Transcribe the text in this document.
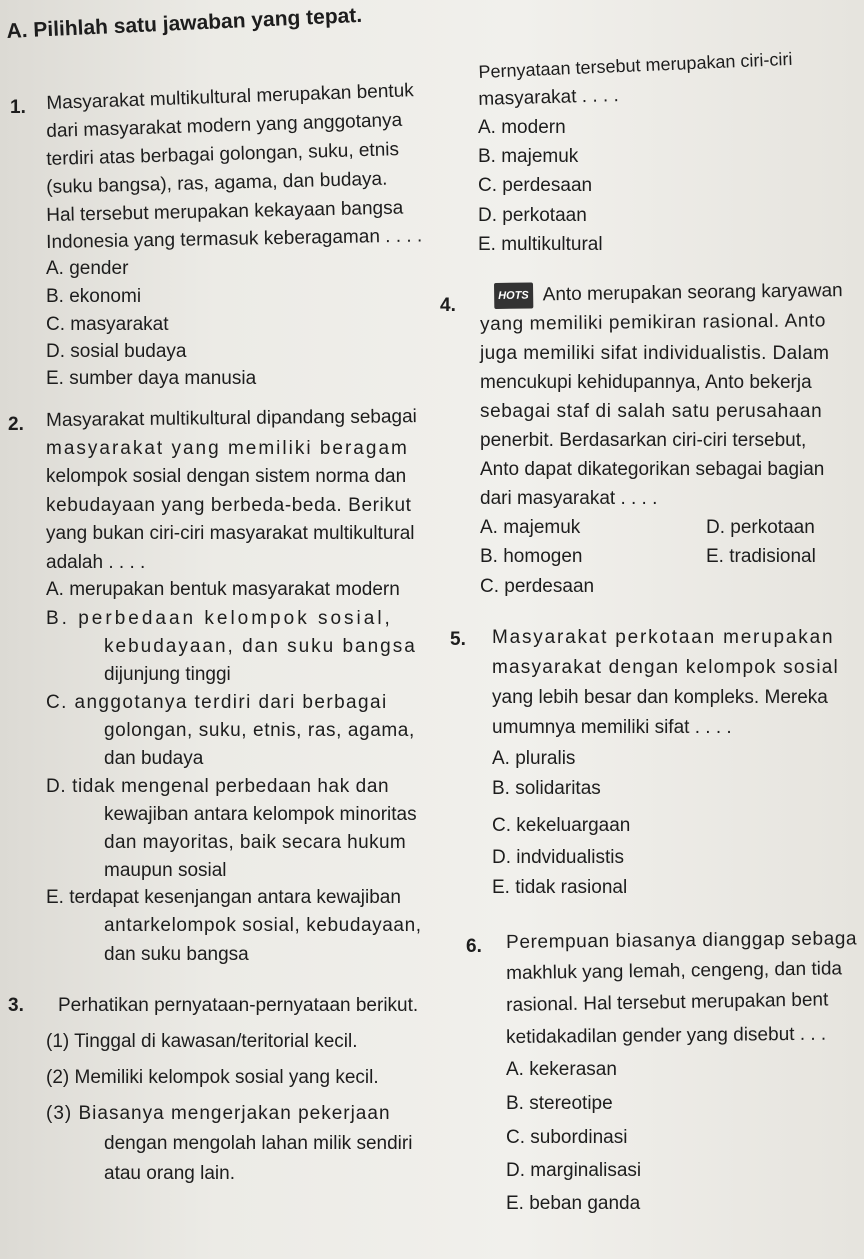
A. Pilihlah satu jawaban yang tepat.
1. Masyarakat multikultural merupakan bentuk
dari masyarakat modern yang anggotanya
terdiri atas berbagai golongan, suku, etnis
(suku bangsa), ras, agama, dan budaya.
Hal tersebut merupakan kekayaan bangsa
Indonesia yang termasuk keberagaman . . . .
A. gender
B. ekonomi
C. masyarakat
D. sosial budaya
E. sumber daya manusia
2. Masyarakat multikultural dipandang sebagai
masyarakat yang memiliki beragam
kelompok sosial dengan sistem norma dan
kebudayaan yang berbeda-beda. Berikut
yang bukan ciri-ciri masyarakat multikultural
adalah . . . .
A. merupakan bentuk masyarakat modern
B. perbedaan kelompok sosial,
kebudayaan, dan suku bangsa
dijunjung tinggi
C. anggotanya terdiri dari berbagai
golongan, suku, etnis, ras, agama,
dan budaya
D. tidak mengenal perbedaan hak dan
kewajiban antara kelompok minoritas
dan mayoritas, baik secara hukum
maupun sosial
E. terdapat kesenjangan antara kewajiban
antarkelompok sosial, kebudayaan,
dan suku bangsa
3. Perhatikan pernyataan-pernyataan berikut.
(1) Tinggal di kawasan/teritorial kecil.
(2) Memiliki kelompok sosial yang kecil.
(3) Biasanya mengerjakan pekerjaan
dengan mengolah lahan milik sendiri
atau orang lain.
Pernyataan tersebut merupakan ciri-ciri
masyarakat . . . .
A. modern
B. majemuk
C. perdesaan
D. perkotaan
E. multikultural
4.	HOTS Anto merupakan seorang karyawan
yang memiliki pemikiran rasional. Anto
juga memiliki sifat individualistis. Dalam
mencukupi kehidupannya, Anto bekerja
sebagai staf di salah satu perusahaan
penerbit. Berdasarkan ciri-ciri tersebut,
Anto dapat dikategorikan sebagai bagian
dari masyarakat . . . .
A. majemuk	D. perkotaan
B. homogen	E. tradisional
C. perdesaan
5. Masyarakat perkotaan merupakan
masyarakat dengan kelompok sosial
yang lebih besar dan kompleks. Mereka
umumnya memiliki sifat . . . .
A. pluralis
B. solidaritas
C. kekeluargaan
D. indvidualistis
E. tidak rasional
6. Perempuan biasanya dianggap sebaga
makhluk yang lemah, cengeng, dan tida
rasional. Hal tersebut merupakan bent
ketidakadilan gender yang disebut . . .
A. kekerasan
B. stereotipe
C. subordinasi
D. marginalisasi
E. beban ganda
